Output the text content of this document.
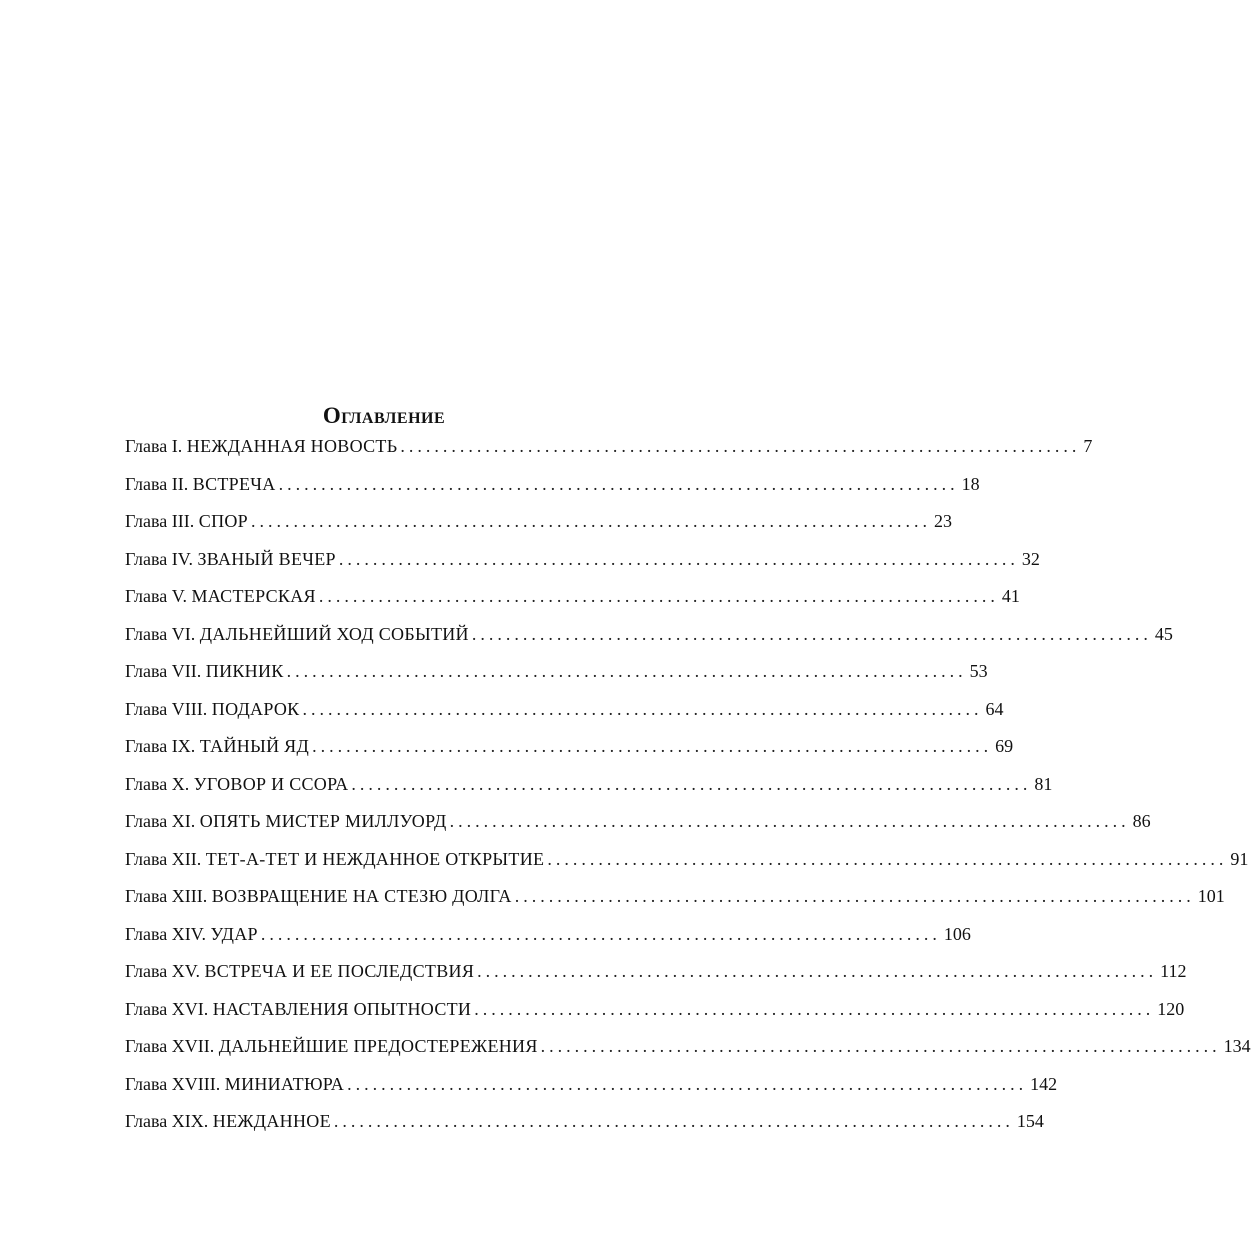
Оглавление
Глава I.
НЕЖДАННАЯ НОВОСТЬ ................................................................................ 7
Глава II.
ВСТРЕЧА ................................................................................ 18
Глава III.
СПОР ................................................................................ 23
Глава IV.
ЗВАНЫЙ ВЕЧЕР ................................................................................ 32
Глава V.
МАСТЕРСКАЯ ................................................................................ 41
Глава VI.
ДАЛЬНЕЙШИЙ ХОД СОБЫТИЙ ................................................................................ 45
Глава VII.
ПИКНИК ................................................................................ 53
Глава VIII.
ПОДАРОК ................................................................................ 64
Глава IX.
ТАЙНЫЙ ЯД ................................................................................ 69
Глава X.
УГОВОР И ССОРА ................................................................................ 81
Глава XI.
ОПЯТЬ МИСТЕР МИЛЛУОРД ................................................................................ 86
Глава XII.
ТЕТ-А-ТЕТ И НЕЖДАННОЕ ОТКРЫТИЕ ................................................................................ 91
Глава XIII.
ВОЗВРАЩЕНИЕ НА СТЕЗЮ ДОЛГА ................................................................................ 101
Глава XIV.
УДАР ................................................................................ 106
Глава XV.
ВСТРЕЧА И ЕЕ ПОСЛЕДСТВИЯ ................................................................................ 112
Глава XVI.
НАСТАВЛЕНИЯ ОПЫТНОСТИ ................................................................................ 120
Глава XVII.
ДАЛЬНЕЙШИЕ ПРЕДОСТЕРЕЖЕНИЯ ................................................................................ 134
Глава XVIII.
МИНИАТЮРА ................................................................................ 142
Глава XIX.
НЕЖДАННОЕ ................................................................................ 154
